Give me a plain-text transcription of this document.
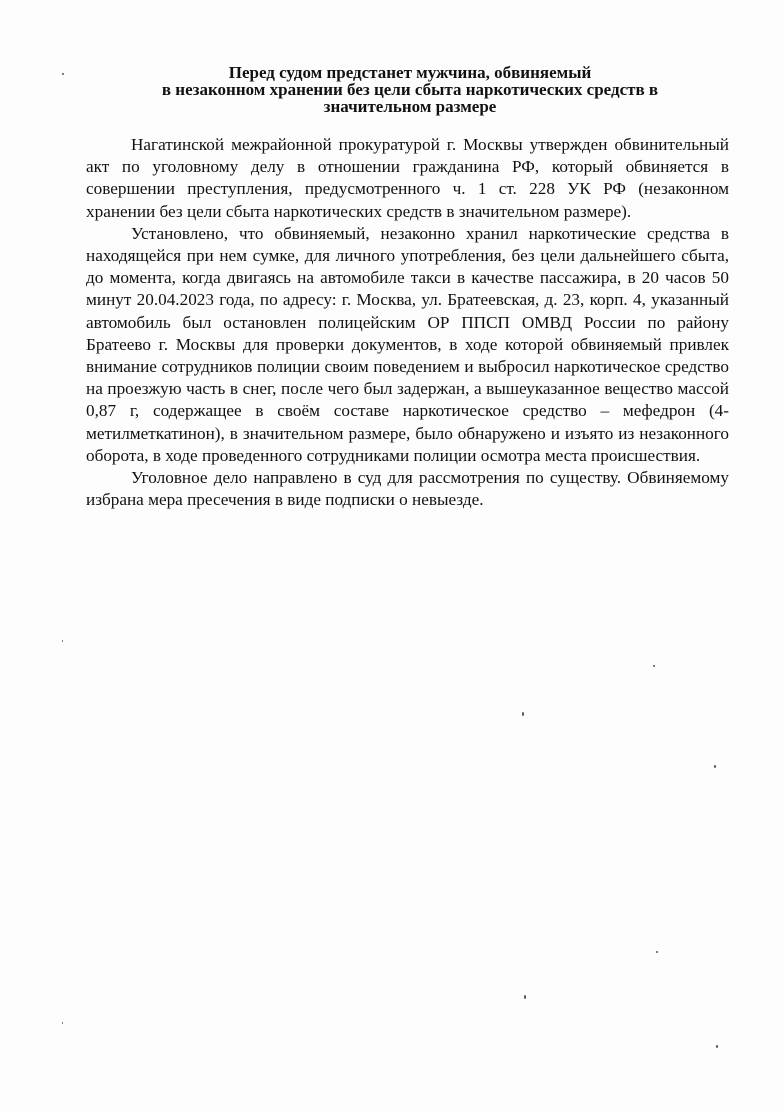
Перед судом предстанет мужчина, обвиняемый
в незаконном хранении без цели сбыта наркотических средств в
значительном размере

Нагатинской межрайонной прокуратурой г. Москвы утвержден обвинительный акт по уголовному делу в отношении гражданина РФ, который обвиняется в совершении преступления, предусмотренного ч. 1 ст. 228 УК РФ (незаконном хранении без цели сбыта наркотических средств в значительном размере).

Установлено, что обвиняемый, незаконно хранил наркотические средства в находящейся при нем сумке, для личного употребления, без цели дальнейшего сбыта, до момента, когда двигаясь на автомобиле такси в качестве пассажира, в 20 часов 50 минут 20.04.2023 года, по адресу: г. Москва, ул. Братеевская, д. 23, корп. 4, указанный автомобиль был остановлен полицейским ОР ППСП ОМВД России по району Братеево г. Москвы для проверки документов, в ходе которой обвиняемый привлек внимание сотрудников полиции своим поведением и выбросил наркотическое средство на проезжую часть в снег, после чего был задержан, а вышеуказанное вещество массой 0,87 г, содержащее в своём составе наркотическое средство – мефедрон (4-метилметкатинон), в значительном размере, было обнаружено и изъято из незаконного оборота, в ходе проведенного сотрудниками полиции осмотра места происшествия.

Уголовное дело направлено в суд для рассмотрения по существу. Обвиняемому избрана мера пресечения в виде подписки о невыезде.
